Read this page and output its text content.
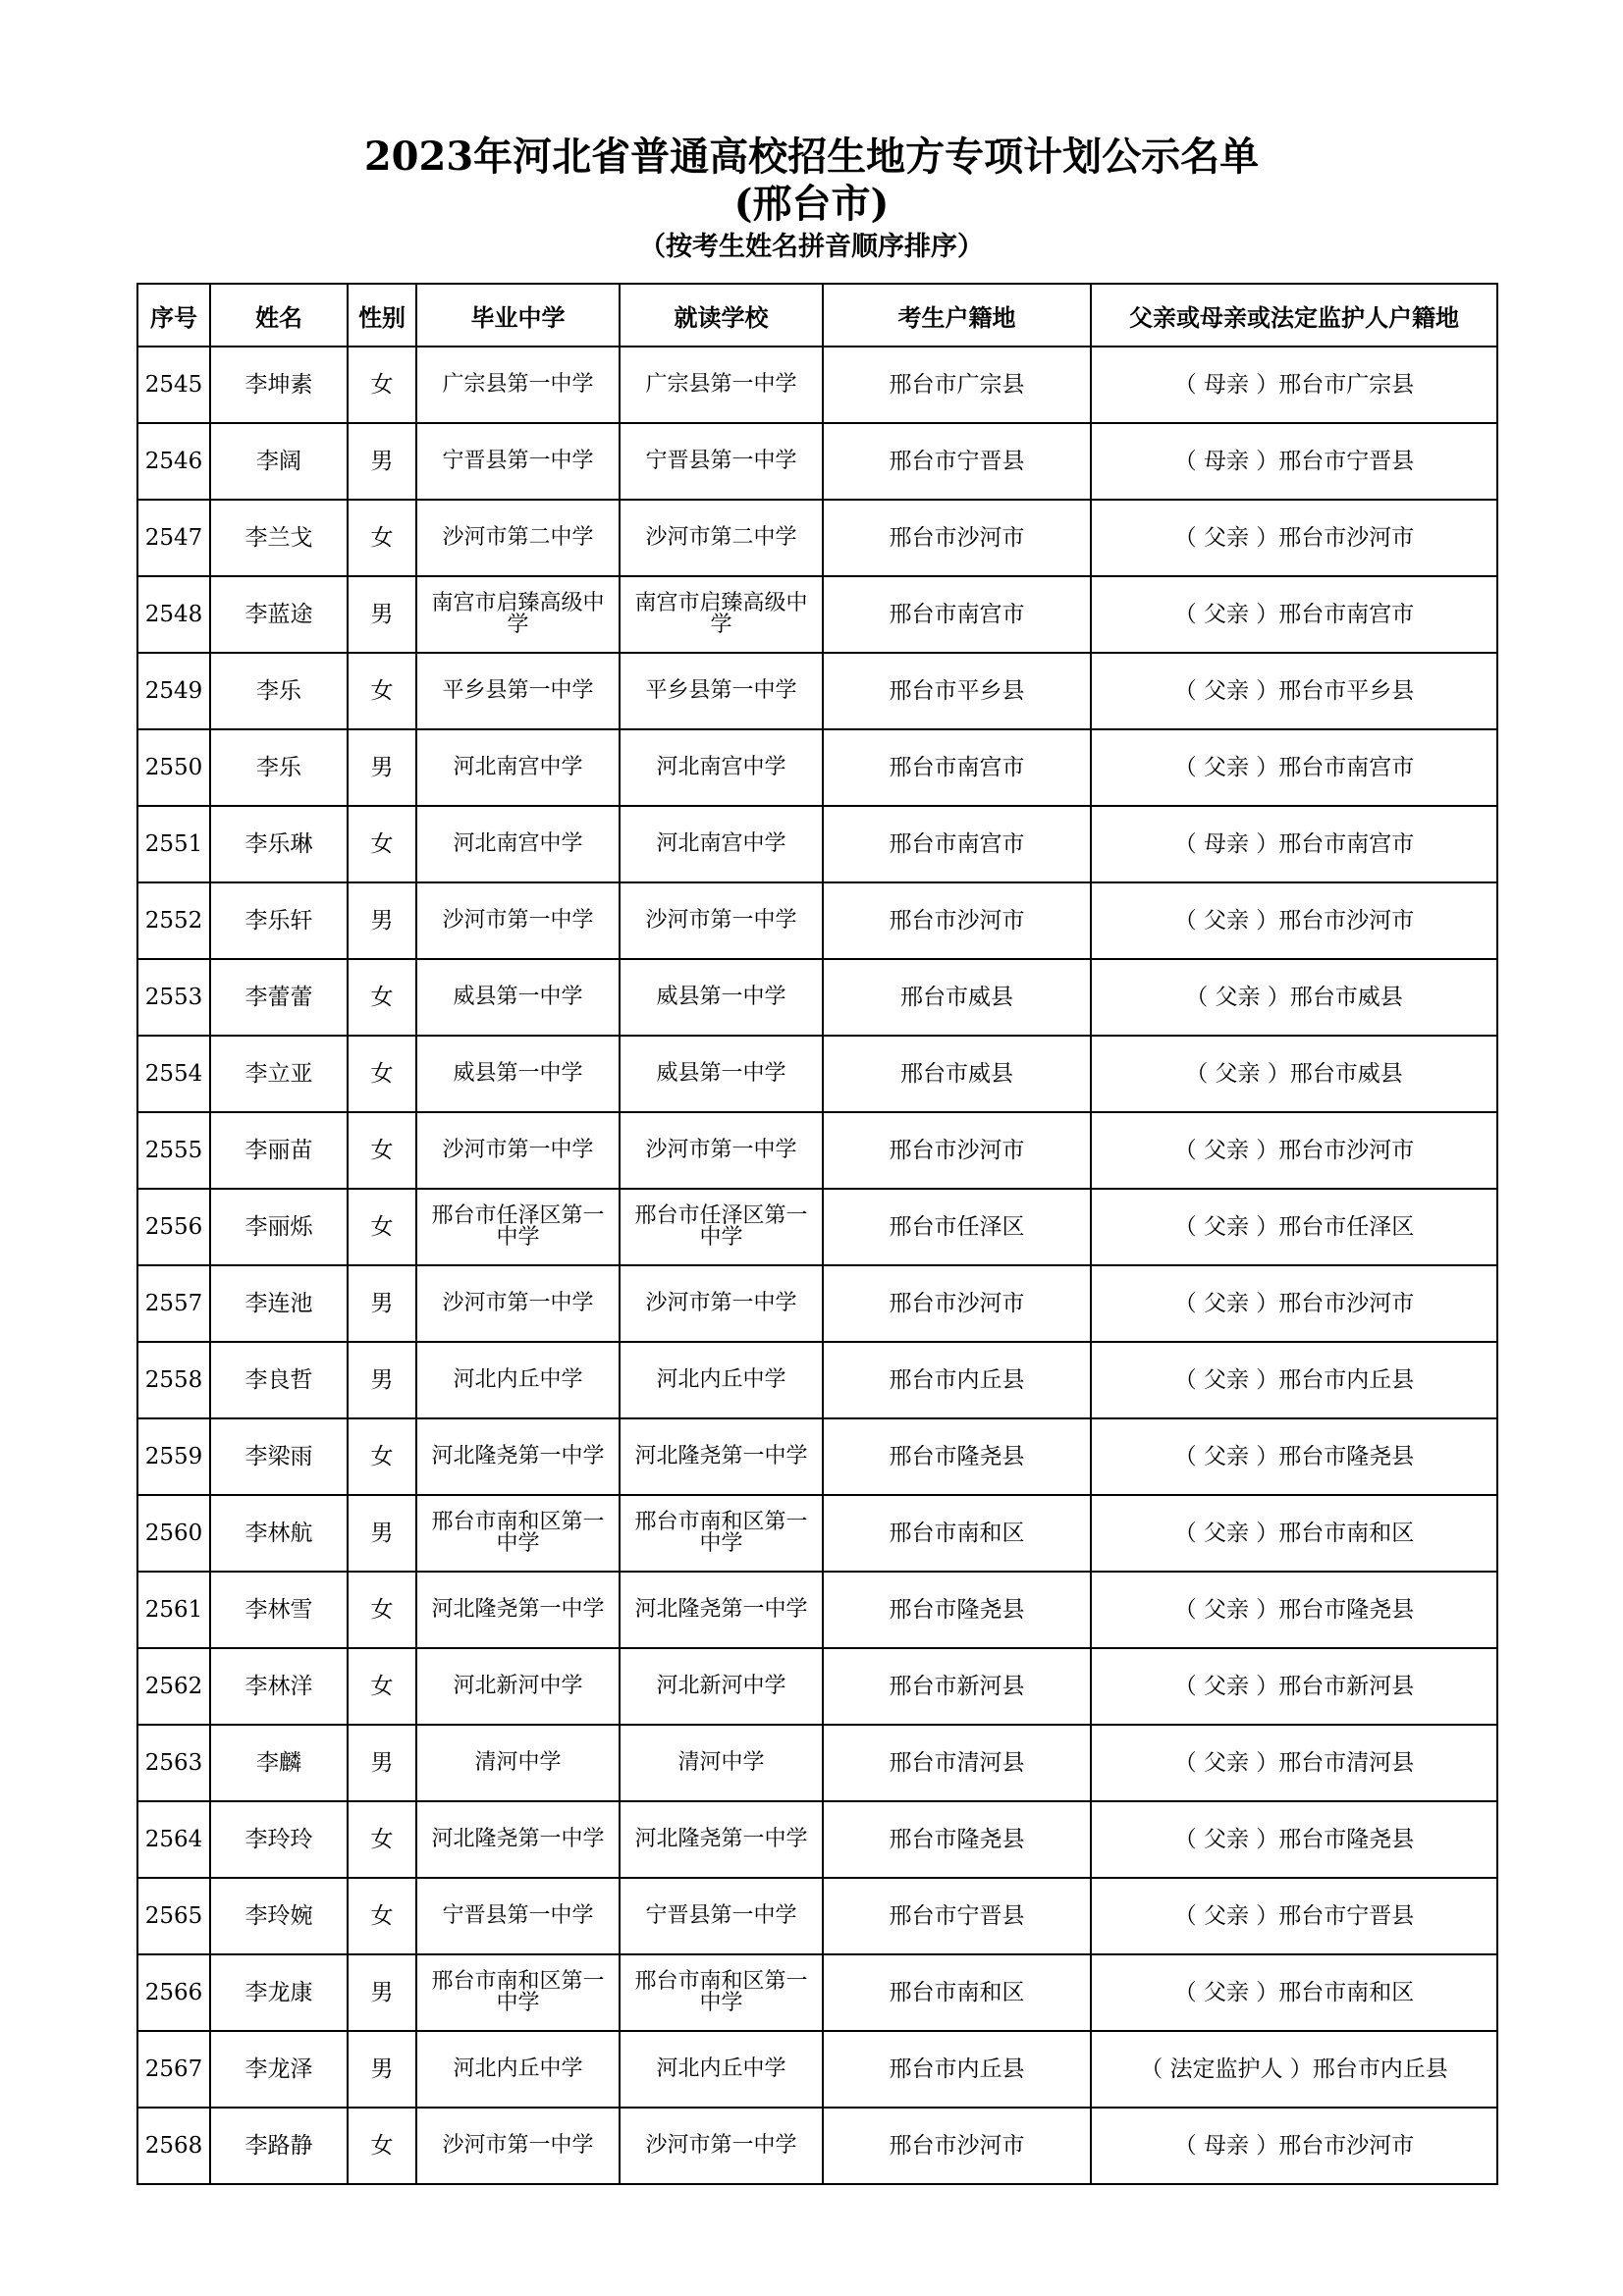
2023年河北省普通高校招生地方专项计划公示名单
(邢台市)
（按考生姓名拼音顺序排序）
序号	姓名	性别	毕业中学	就读学校	考生户籍地	父亲或母亲或法定监护人户籍地
2545	李坤素	女	广宗县第一中学	广宗县第一中学	邢台市广宗县	（ 母亲 ）邢台市广宗县
2546	李阔	男	宁晋县第一中学	宁晋县第一中学	邢台市宁晋县	（ 母亲 ）邢台市宁晋县
2547	李兰戈	女	沙河市第二中学	沙河市第二中学	邢台市沙河市	（ 父亲 ）邢台市沙河市
2548	李蓝途	男	南宫市启臻高级中学	南宫市启臻高级中学	邢台市南宫市	（ 父亲 ）邢台市南宫市
2549	李乐	女	平乡县第一中学	平乡县第一中学	邢台市平乡县	（ 父亲 ）邢台市平乡县
2550	李乐	男	河北南宫中学	河北南宫中学	邢台市南宫市	（ 父亲 ）邢台市南宫市
2551	李乐琳	女	河北南宫中学	河北南宫中学	邢台市南宫市	（ 母亲 ）邢台市南宫市
2552	李乐轩	男	沙河市第一中学	沙河市第一中学	邢台市沙河市	（ 父亲 ）邢台市沙河市
2553	李蕾蕾	女	威县第一中学	威县第一中学	邢台市威县	（ 父亲 ）邢台市威县
2554	李立亚	女	威县第一中学	威县第一中学	邢台市威县	（ 父亲 ）邢台市威县
2555	李丽苗	女	沙河市第一中学	沙河市第一中学	邢台市沙河市	（ 父亲 ）邢台市沙河市
2556	李丽烁	女	邢台市任泽区第一中学	邢台市任泽区第一中学	邢台市任泽区	（ 父亲 ）邢台市任泽区
2557	李连池	男	沙河市第一中学	沙河市第一中学	邢台市沙河市	（ 父亲 ）邢台市沙河市
2558	李良哲	男	河北内丘中学	河北内丘中学	邢台市内丘县	（ 父亲 ）邢台市内丘县
2559	李梁雨	女	河北隆尧第一中学	河北隆尧第一中学	邢台市隆尧县	（ 父亲 ）邢台市隆尧县
2560	李林航	男	邢台市南和区第一中学	邢台市南和区第一中学	邢台市南和区	（ 父亲 ）邢台市南和区
2561	李林雪	女	河北隆尧第一中学	河北隆尧第一中学	邢台市隆尧县	（ 父亲 ）邢台市隆尧县
2562	李林洋	女	河北新河中学	河北新河中学	邢台市新河县	（ 父亲 ）邢台市新河县
2563	李麟	男	清河中学	清河中学	邢台市清河县	（ 父亲 ）邢台市清河县
2564	李玲玲	女	河北隆尧第一中学	河北隆尧第一中学	邢台市隆尧县	（ 父亲 ）邢台市隆尧县
2565	李玲婉	女	宁晋县第一中学	宁晋县第一中学	邢台市宁晋县	（ 父亲 ）邢台市宁晋县
2566	李龙康	男	邢台市南和区第一中学	邢台市南和区第一中学	邢台市南和区	（ 父亲 ）邢台市南和区
2567	李龙泽	男	河北内丘中学	河北内丘中学	邢台市内丘县	（ 法定监护人 ）邢台市内丘县
2568	李路静	女	沙河市第一中学	沙河市第一中学	邢台市沙河市	（ 母亲 ）邢台市沙河市
